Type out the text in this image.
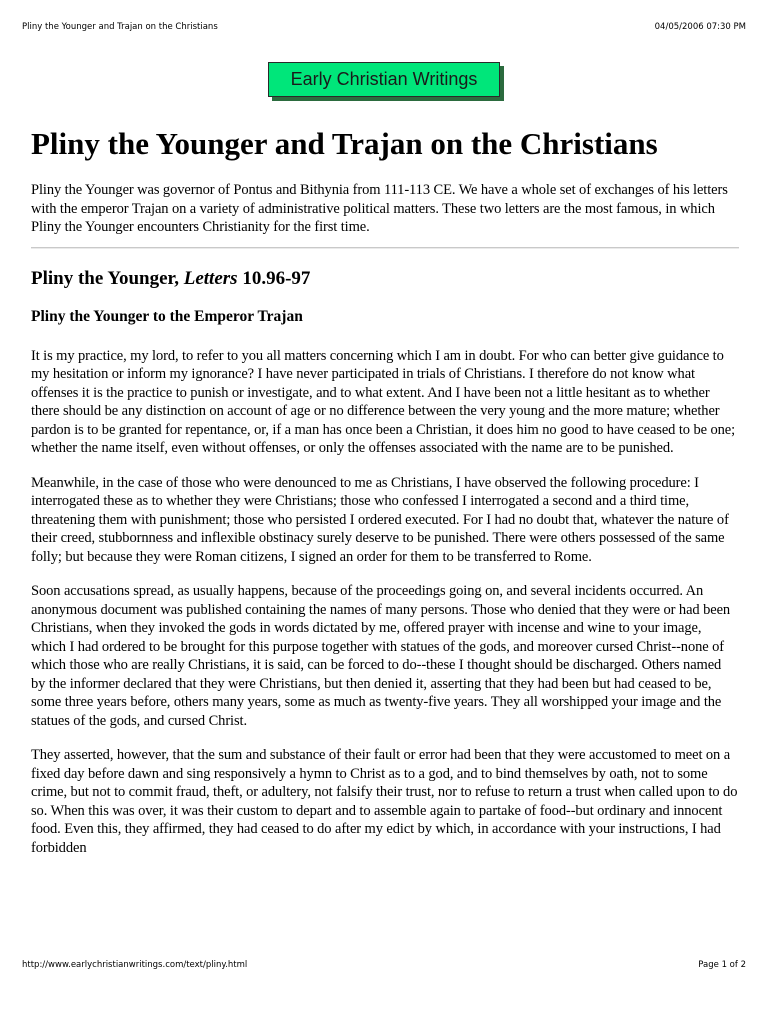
Pliny the Younger and Trajan on the Christians	04/05/2006 07:30 PM
Early Christian Writings
Pliny the Younger and Trajan on the Christians

Pliny the Younger was governor of Pontus and Bithynia from 111-113 CE. We have a whole set of exchanges of his letters with the emperor Trajan on a variety of administrative political matters. These two letters are the most famous, in which Pliny the Younger encounters Christianity for the first time.

Pliny the Younger, Letters 10.96-97
Pliny the Younger to the Emperor Trajan

It is my practice, my lord, to refer to you all matters concerning which I am in doubt. For who can better give guidance to my hesitation or inform my ignorance? I have never participated in trials of Christians. I therefore do not know what offenses it is the practice to punish or investigate, and to what extent. And I have been not a little hesitant as to whether there should be any distinction on account of age or no difference between the very young and the more mature; whether pardon is to be granted for repentance, or, if a man has once been a Christian, it does him no good to have ceased to be one; whether the name itself, even without offenses, or only the offenses associated with the name are to be punished.

Meanwhile, in the case of those who were denounced to me as Christians, I have observed the following procedure: I interrogated these as to whether they were Christians; those who confessed I interrogated a second and a third time, threatening them with punishment; those who persisted I ordered executed. For I had no doubt that, whatever the nature of their creed, stubbornness and inflexible obstinacy surely deserve to be punished. There were others possessed of the same folly; but because they were Roman citizens, I signed an order for them to be transferred to Rome.

Soon accusations spread, as usually happens, because of the proceedings going on, and several incidents occurred. An anonymous document was published containing the names of many persons. Those who denied that they were or had been Christians, when they invoked the gods in words dictated by me, offered prayer with incense and wine to your image, which I had ordered to be brought for this purpose together with statues of the gods, and moreover cursed Christ--none of which those who are really Christians, it is said, can be forced to do--these I thought should be discharged. Others named by the informer declared that they were Christians, but then denied it, asserting that they had been but had ceased to be, some three years before, others many years, some as much as twenty-five years. They all worshipped your image and the statues of the gods, and cursed Christ.

They asserted, however, that the sum and substance of their fault or error had been that they were accustomed to meet on a fixed day before dawn and sing responsively a hymn to Christ as to a god, and to bind themselves by oath, not to some crime, but not to commit fraud, theft, or adultery, not falsify their trust, nor to refuse to return a trust when called upon to do so. When this was over, it was their custom to depart and to assemble again to partake of food--but ordinary and innocent food. Even this, they affirmed, they had ceased to do after my edict by which, in accordance with your instructions, I had forbidden

http://www.earlychristianwritings.com/text/pliny.html	Page 1 of 2
